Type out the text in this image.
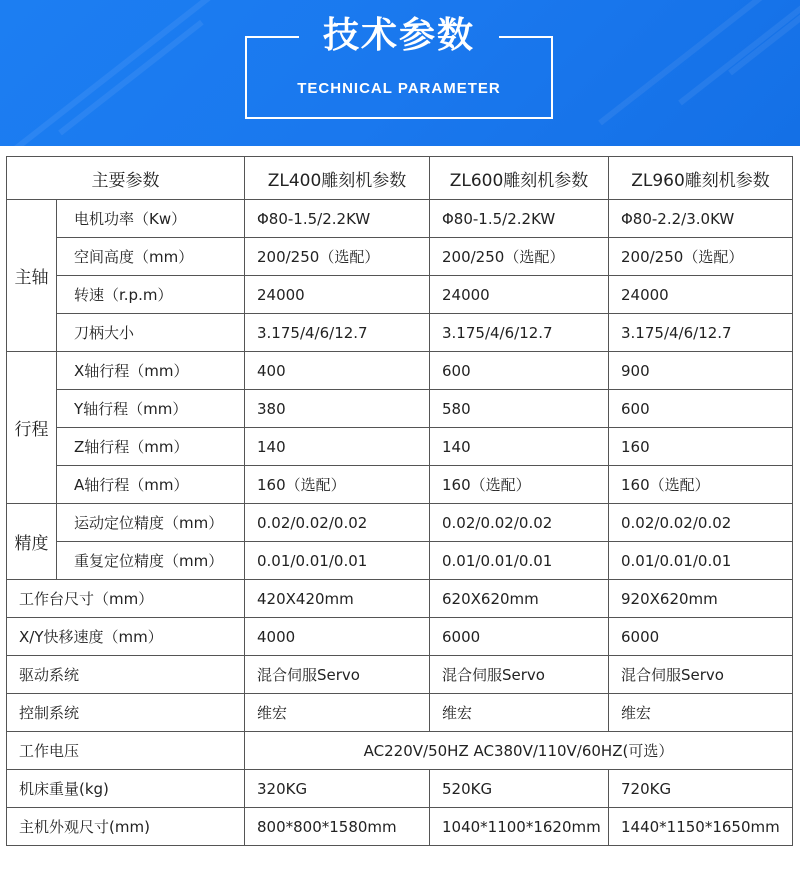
技术参数
TECHNICAL PARAMETER
主要参数		ZL400雕刻机参数	ZL600雕刻机参数	ZL960雕刻机参数
主轴	电机功率（Kw）	Φ80-1.5/2.2KW	Φ80-1.5/2.2KW	Φ80-2.2/3.0KW
	空间高度（mm）	200/250（选配）	200/250（选配）	200/250（选配）
	转速（r.p.m）	24000	24000	24000
	刀柄大小	3.175/4/6/12.7	3.175/4/6/12.7	3.175/4/6/12.7
行程	X轴行程（mm）	400	600	900
	Y轴行程（mm）	380	580	600
	Z轴行程（mm）	140	140	160
	A轴行程（mm）	160（选配）	160（选配）	160（选配）
精度	运动定位精度（mm）	0.02/0.02/0.02	0.02/0.02/0.02	0.02/0.02/0.02
	重复定位精度（mm）	0.01/0.01/0.01	0.01/0.01/0.01	0.01/0.01/0.01
工作台尺寸（mm）		420X420mm	620X620mm	920X620mm
X/Y快移速度（mm）		4000	6000	6000
驱动系统		混合伺服Servo	混合伺服Servo	混合伺服Servo
控制系统		维宏	维宏	维宏
工作电压		AC220V/50HZ AC380V/110V/60HZ(可选）		
机床重量(kg)		320KG	520KG	720KG
主机外观尺寸(mm)		800*800*1580mm	1040*1100*1620mm	1440*1150*1650mm
